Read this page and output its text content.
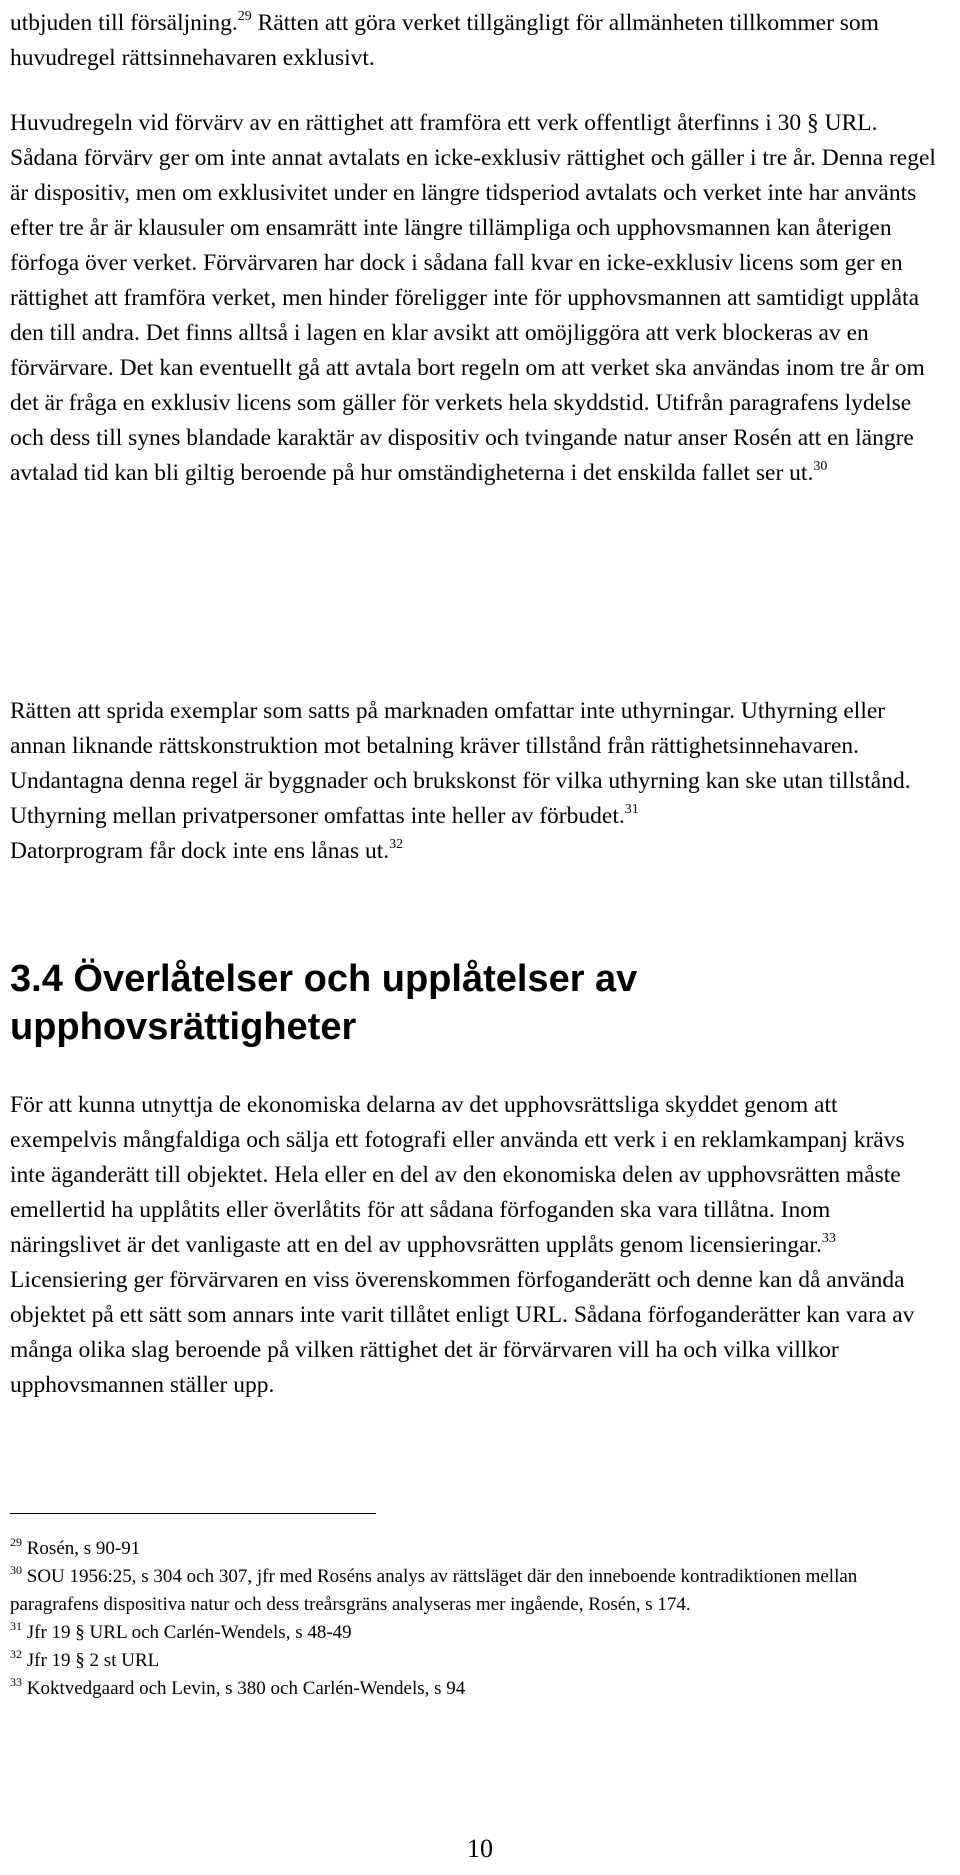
utbjuden till försäljning.$^{29}$ Rätten att göra verket tillgängligt för allmänheten tillkommer som huvudregel rättsinnehavaren exklusivt.

Huvudregeln vid förvärv av en rättighet att framföra ett verk offentligt återfinns i 30 § URL. Sådana förvärv ger om inte annat avtalats en icke-exklusiv rättighet och gäller i tre år. Denna regel är dispositiv, men om exklusivitet under en längre tidsperiod avtalats och verket inte har använts efter tre år är klausuler om ensamrätt inte längre tillämpliga och upphovsmannen kan återigen förfoga över verket. Förvärvaren har dock i sådana fall kvar en icke-exklusiv licens som ger en rättighet att framföra verket, men hinder föreligger inte för upphovsmannen att samtidigt upplåta den till andra. Det finns alltså i lagen en klar avsikt att omöjliggöra att verk blockeras av en förvärvare. Det kan eventuellt gå att avtala bort regeln om att verket ska användas inom tre år om det är fråga en exklusiv licens som gäller för verkets hela skyddstid. Utifrån paragrafens lydelse och dess till synes blandade karaktär av dispositiv och tvingande natur anser Rosén att en längre avtalad tid kan bli giltig beroende på hur omständigheterna i det enskilda fallet ser ut.$^{30}$

Rätten att sprida exemplar som satts på marknaden omfattar inte uthyrningar. Uthyrning eller annan liknande rättskonstruktion mot betalning kräver tillstånd från rättighetsinnehavaren. Undantagna denna regel är byggnader och brukskonst för vilka uthyrning kan ske utan tillstånd. Uthyrning mellan privatpersoner omfattas inte heller av förbudet.$^{31}$
Datorprogram får dock inte ens lånas ut.$^{32}$

3.4 Överlåtelser och upplåtelser av upphovsrättigheter

För att kunna utnyttja de ekonomiska delarna av det upphovsrättsliga skyddet genom att exempelvis mångfaldiga och sälja ett fotografi eller använda ett verk i en reklamkampanj krävs inte äganderätt till objektet. Hela eller en del av den ekonomiska delen av upphovsrätten måste emellertid ha upplåtits eller överlåtits för att sådana förfoganden ska vara tillåtna. Inom näringslivet är det vanligaste att en del av upphovsrätten upplåts genom licensieringar.$^{33}$ Licensiering ger förvärvaren en viss överenskommen förfoganderätt och denne kan då använda objektet på ett sätt som annars inte varit tillåtet enligt URL. Sådana förfoganderätter kan vara av många olika slag beroende på vilken rättighet det är förvärvaren vill ha och vilka villkor upphovsmannen ställer upp.

$^{29}$ Rosén, s 90-91
$^{30}$ SOU 1956:25, s 304 och 307, jfr med Roséns analys av rättsläget där den inneboende kontradiktionen mellan paragrafens dispositiva natur och dess treårsgräns analyseras mer ingående, Rosén, s 174.
$^{31}$ Jfr 19 § URL och Carlén-Wendels, s 48-49
$^{32}$ Jfr 19 § 2 st URL
$^{33}$ Koktvedgaard och Levin, s 380 och Carlén-Wendels, s 94
10
